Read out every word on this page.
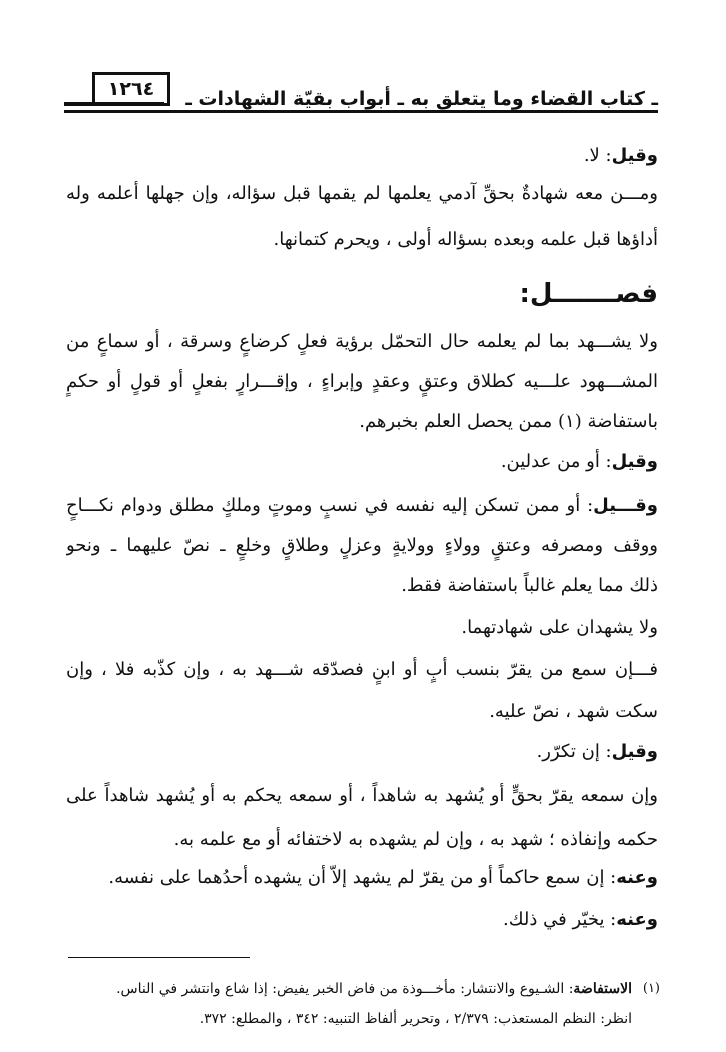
١٢٦٤	ـ كتاب القضاء وما يتعلق به ـ أبواب بقيّة الشهادات ـ
وقيل: لا.
ومـــن معه شهادةٌ بحقِّ آدمي يعلمها لم يقمها قبل سؤاله، وإن جهلها أعلمه وله
أداؤها قبل علمه وبعده بسؤاله أولى ، ويحرم كتمانها.
فصـــــــل:
ولا يشـــهد بما لم يعلمه حال التحمّل برؤية فعلٍ كرضاعٍ وسرقة ، أو سماعٍ من
المشـــهود علـــيه كطلاق وعتقٍ وعقدٍ وإبراءٍ ، وإقـــرارٍ بفعلٍ أو قولٍ أو حكمٍ
باستفاضة (١) ممن يحصل العلم بخبرهم.
وقيل: أو من عدلين.
وقـــيل: أو ممن تسكن إليه نفسه في نسبٍ وموتٍ وملكٍ مطلق ودوام نكـــاحٍ
ووقف ومصرفه وعتقٍ وولاءٍ وولايةٍ وعزلٍ وطلاقٍ وخلعٍ ـ نصّ عليهما ـ ونحو
ذلك مما يعلم غالباً باستفاضة فقط.
ولا يشهدان على شهادتهما.
فـــإن سمع من يقرّ بنسب أبٍ أو ابنٍ فصدّقه شـــهد به ، وإن كذّبه فلا ، وإن
سكت شهد ، نصّ عليه.
وقيل: إن تكرّر.
وإن سمعه يقرّ بحقٍّ أو يُشهد به شاهداً ، أو سمعه يحكم به أو يُشهد شاهداً على
حكمه وإنفاذه ؛ شهد به ، وإن لم يشهده به لاختفائه أو مع علمه به.
وعنه: إن سمع حاكماً أو من يقرّ لم يشهد إلاّ أن يشهده أحدُهما على نفسه.
وعنه: يخيّر في ذلك.
(١)
الاستفاضة: الشـيوع والانتشار: مأخـــوذة من فاض الخبر يفيض: إذا شاع وانتشر في الناس.
انظر: النظم المستعذب: ٢/٣٧٩ ، وتحرير ألفاظ التنبيه: ٣٤٢ ، والمطلع: ٣٧٢.
